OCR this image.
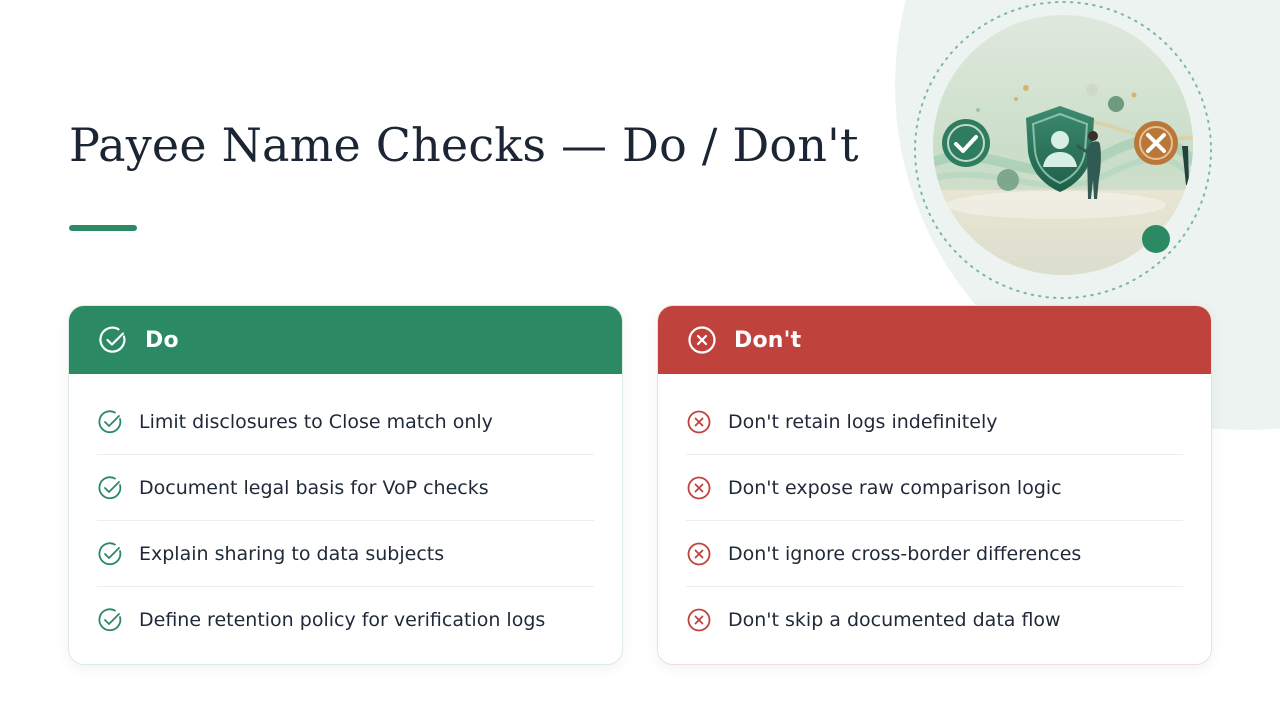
Payee Name Checks — Do / Don't
Do
Limit disclosures to Close match only
Document legal basis for VoP checks
Explain sharing to data subjects
Define retention policy for verification logs
Don't
Don't retain logs indefinitely
Don't expose raw comparison logic
Don't ignore cross-border differences
Don't skip a documented data flow
